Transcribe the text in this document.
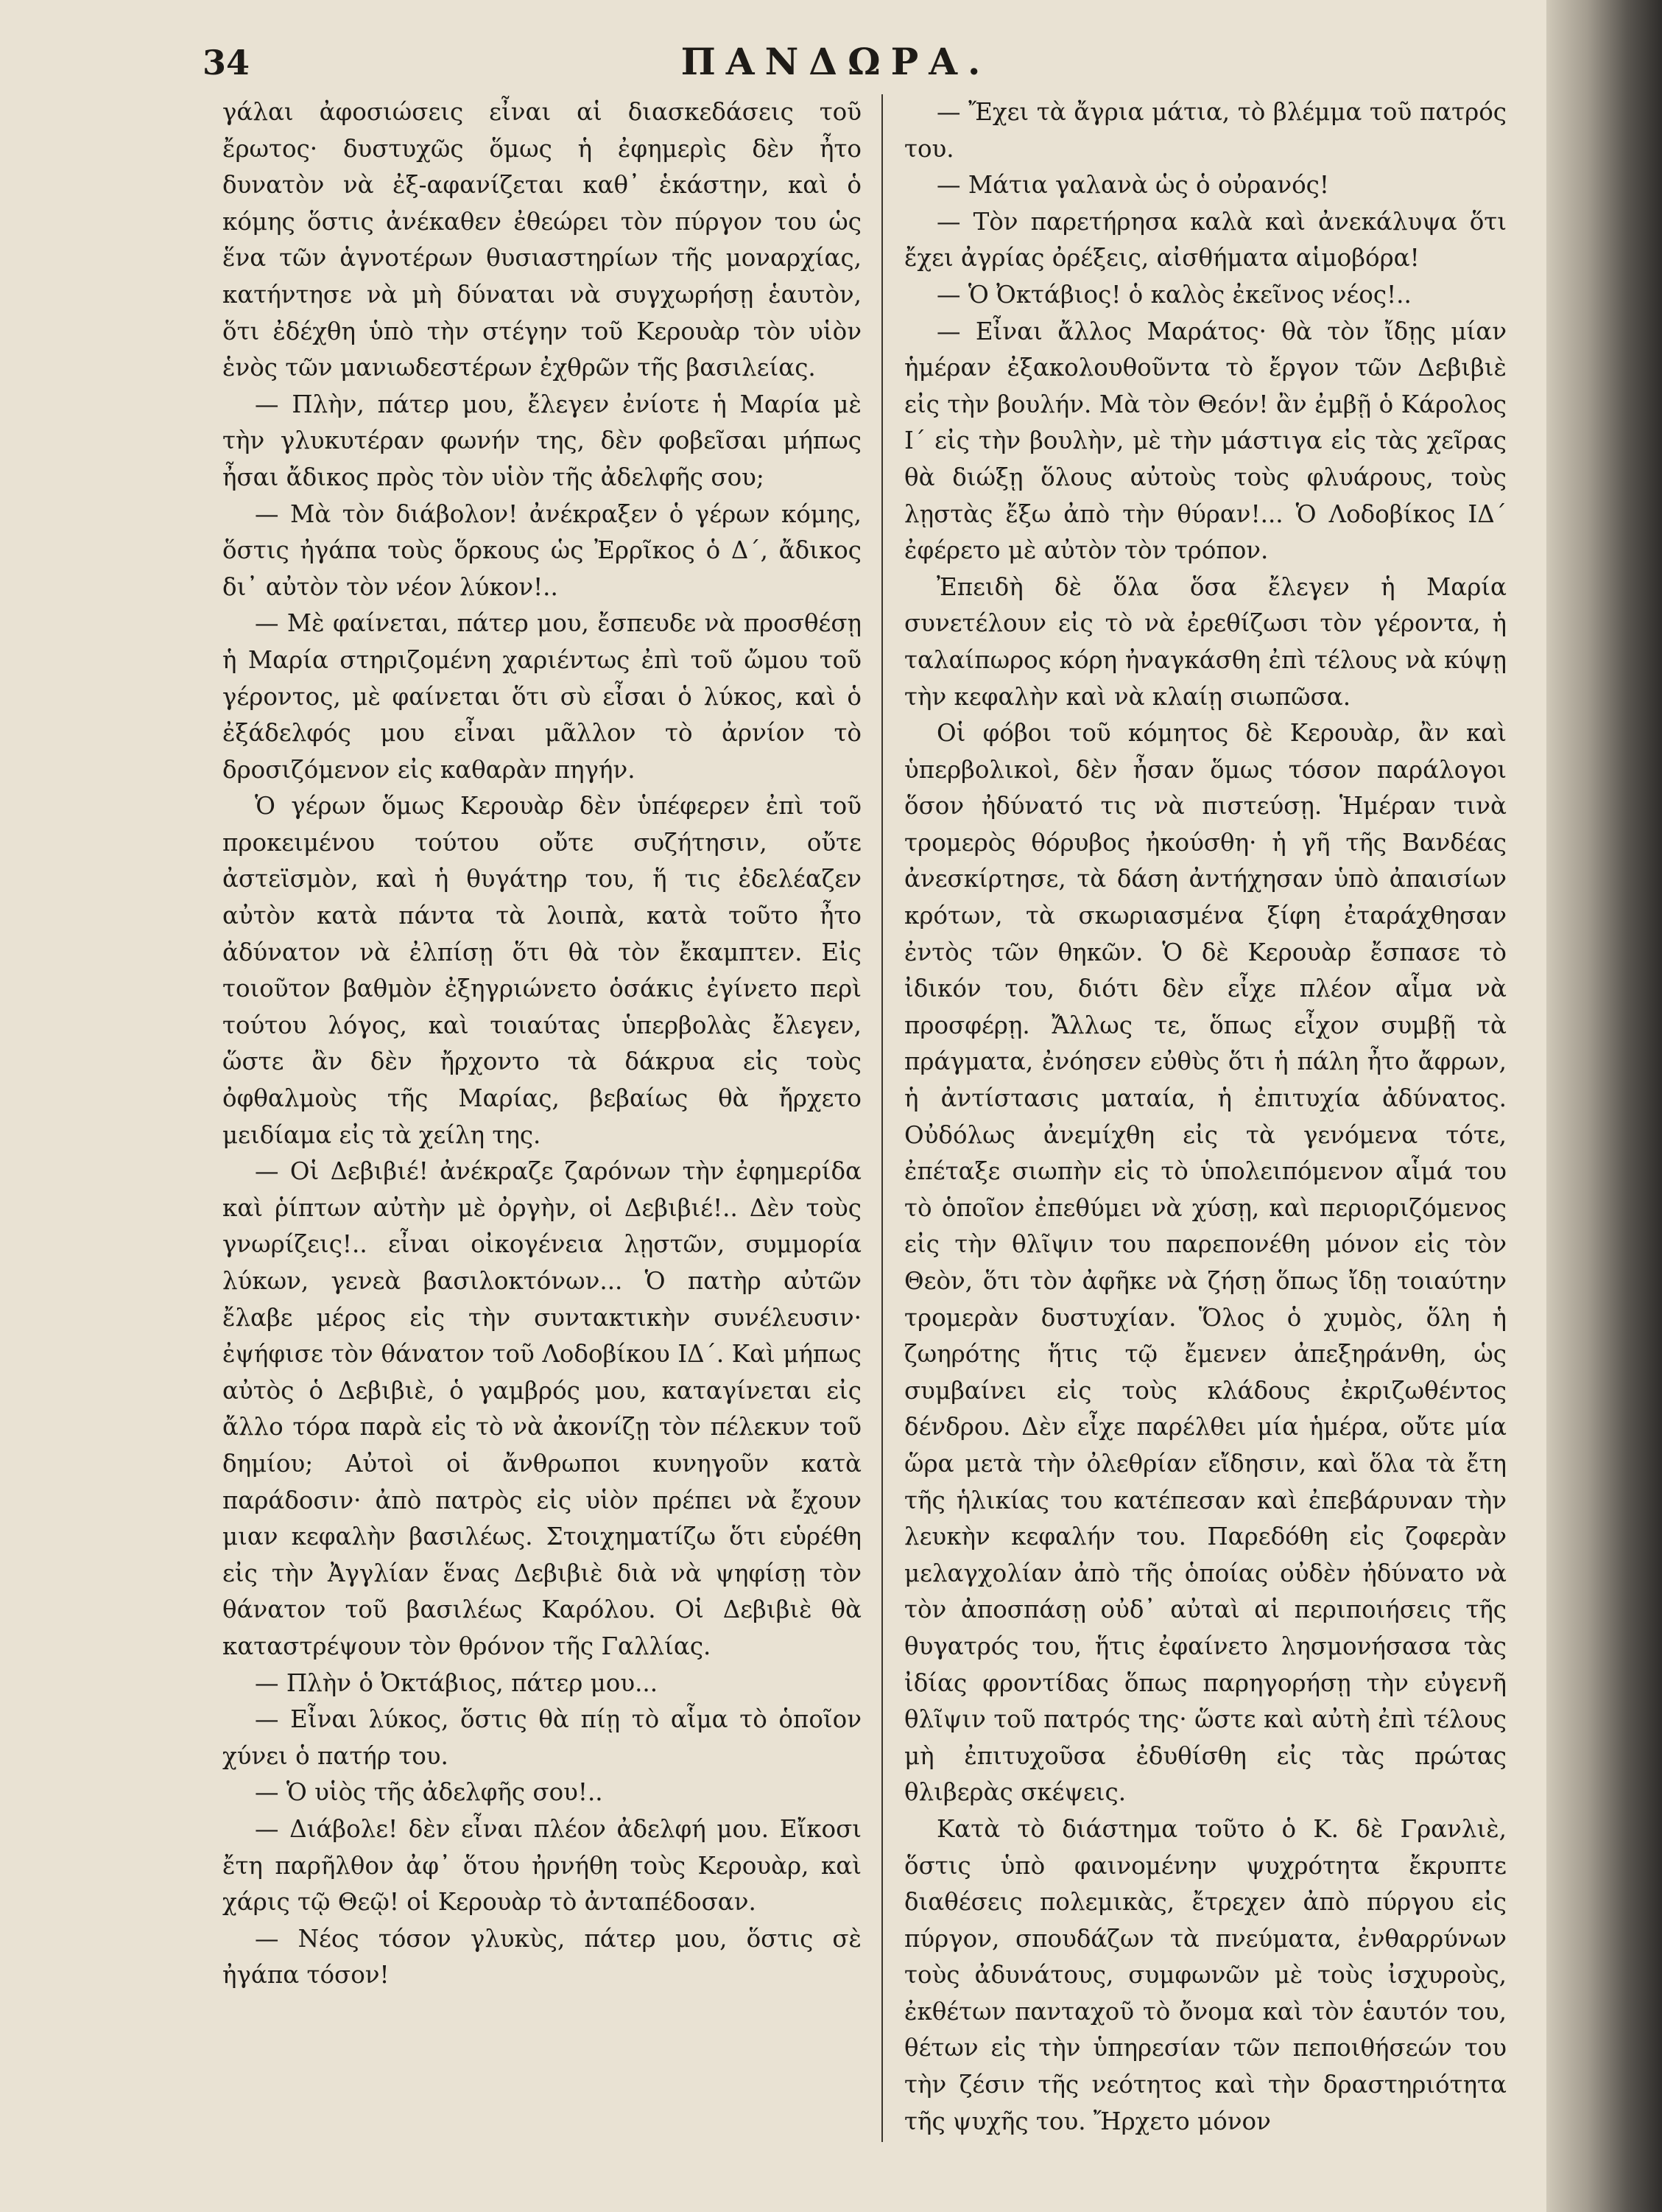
34	ΠΑΝΔΩΡΑ.

γάλαι ἀφοσιώσεις εἶναι αἱ διασκεδάσεις τοῦ ἔρωτος· δυστυχῶς ὅμως ἡ ἐφημερὶς δὲν ἦτο δυνατὸν νὰ ἐξ-αφανίζεται καθ᾽ ἑκάστην, καὶ ὁ κόμης ὅστις ἀνέκαθεν ἐθεώρει τὸν πύργον του ὡς ἕνα τῶν ἁγνοτέρων θυσιαστηρίων τῆς μοναρχίας, κατήντησε νὰ μὴ δύναται νὰ συγχωρήσῃ ἑαυτὸν, ὅτι ἐδέχθη ὑπὸ τὴν στέγην τοῦ Κερουὰρ τὸν υἱὸν ἑνὸς τῶν μανιωδεστέρων ἐχθρῶν τῆς βασιλείας.

— Πλὴν, πάτερ μου, ἔλεγεν ἐνίοτε ἡ Μαρία μὲ τὴν γλυκυτέραν φωνήν της, δὲν φοβεῖσαι μήπως ἦσαι ἄδικος πρὸς τὸν υἱὸν τῆς ἀδελφῆς σου;

— Μὰ τὸν διάβολον! ἀνέκραξεν ὁ γέρων κόμης, ὅστις ἠγάπα τοὺς ὅρκους ὡς Ἐρρῖκος ὁ Δ΄, ἄδικος δι᾽ αὐτὸν τὸν νέον λύκον!..

— Μὲ φαίνεται, πάτερ μου, ἔσπευδε νὰ προσθέσῃ ἡ Μαρία στηριζομένη χαριέντως ἐπὶ τοῦ ὤμου τοῦ γέροντος, μὲ φαίνεται ὅτι σὺ εἶσαι ὁ λύκος, καὶ ὁ ἐξάδελφός μου εἶναι μᾶλλον τὸ ἀρνίον τὸ δροσιζόμενον εἰς καθαρὰν πηγήν.

Ὁ γέρων ὅμως Κερουὰρ δὲν ὑπέφερεν ἐπὶ τοῦ προκειμένου τούτου οὔτε συζήτησιν, οὔτε ἀστεϊσμὸν, καὶ ἡ θυγάτηρ του, ἥ τις ἐδελέαζεν αὐτὸν κατὰ πάντα τὰ λοιπὰ, κατὰ τοῦτο ἦτο ἀδύνατον νὰ ἐλπίσῃ ὅτι θὰ τὸν ἔκαμπτεν. Εἰς τοιοῦτον βαθμὸν ἐξηγριώνετο ὁσάκις ἐγίνετο περὶ τούτου λόγος, καὶ τοιαύτας ὑπερβολὰς ἔλεγεν, ὥστε ἂν δὲν ἤρχοντο τὰ δάκρυα εἰς τοὺς ὀφθαλμοὺς τῆς Μαρίας, βεβαίως θὰ ἤρχετο μειδίαμα εἰς τὰ χείλη της.

— Οἱ Δεβιβιέ! ἀνέκραζε ζαρόνων τὴν ἐφημερίδα καὶ ῥίπτων αὐτὴν μὲ ὀργὴν, οἱ Δεβιβιέ!.. Δὲν τοὺς γνωρίζεις!.. εἶναι οἰκογένεια λῃστῶν, συμμορία λύκων, γενεὰ βασιλοκτόνων... Ὁ πατὴρ αὐτῶν ἔλαβε μέρος εἰς τὴν συντακτικὴν συνέλευσιν· ἐψήφισε τὸν θάνατον τοῦ Λοδοβίκου ΙΔ΄. Καὶ μήπως αὐτὸς ὁ Δεβιβιὲ, ὁ γαμβρός μου, καταγίνεται εἰς ἄλλο τόρα παρὰ εἰς τὸ νὰ ἀκονίζῃ τὸν πέλεκυν τοῦ δημίου; Αὐτοὶ οἱ ἄνθρωποι κυνηγοῦν κατὰ παράδοσιν· ἀπὸ πατρὸς εἰς υἱὸν πρέπει νὰ ἔχουν μιαν κεφαλὴν βασιλέως. Στοιχηματίζω ὅτι εὑρέθη εἰς τὴν Ἀγγλίαν ἕνας Δεβιβιὲ διὰ νὰ ψηφίσῃ τὸν θάνατον τοῦ βασιλέως Καρόλου. Οἱ Δεβιβιὲ θὰ καταστρέψουν τὸν θρόνον τῆς Γαλλίας.

— Πλὴν ὁ Ὀκτάβιος, πάτερ μου...

— Εἶναι λύκος, ὅστις θὰ πίῃ τὸ αἷμα τὸ ὁποῖον χύνει ὁ πατήρ του.

— Ὁ υἱὸς τῆς ἀδελφῆς σου!..

— Διάβολε! δὲν εἶναι πλέον ἀδελφή μου. Εἴκοσι ἔτη παρῆλθον ἀφ᾽ ὅτου ἠρνήθη τοὺς Κερουὰρ, καὶ χάρις τῷ Θεῷ! οἱ Κερουὰρ τὸ ἀνταπέδοσαν.

— Νέος τόσον γλυκὺς, πάτερ μου, ὅστις σὲ ἠγάπα τόσον!

— Ἔχει τὰ ἄγρια μάτια, τὸ βλέμμα τοῦ πατρός του.

— Μάτια γαλανὰ ὡς ὁ οὐρανός!

— Τὸν παρετήρησα καλὰ καὶ ἀνεκάλυψα ὅτι ἔχει ἀγρίας ὀρέξεις, αἰσθήματα αἱμοβόρα!

— Ὁ Ὀκτάβιος! ὁ καλὸς ἐκεῖνος νέος!..

— Εἶναι ἄλλος Μαράτος· θὰ τὸν ἴδῃς μίαν ἡμέραν ἐξακολουθοῦντα τὸ ἔργον τῶν Δεβιβιὲ εἰς τὴν βουλήν. Μὰ τὸν Θεόν! ἂν ἐμβῇ ὁ Κάρολος Ι΄ εἰς τὴν βουλὴν, μὲ τὴν μάστιγα εἰς τὰς χεῖρας θὰ διώξῃ ὅλους αὐτοὺς τοὺς φλυάρους, τοὺς λῃστὰς ἔξω ἀπὸ τὴν θύραν!... Ὁ Λοδοβίκος ΙΔ΄ ἐφέρετο μὲ αὐτὸν τὸν τρόπον.

Ἐπειδὴ δὲ ὅλα ὅσα ἔλεγεν ἡ Μαρία συνετέλουν εἰς τὸ νὰ ἐρεθίζωσι τὸν γέροντα, ἡ ταλαίπωρος κόρη ἠναγκάσθη ἐπὶ τέλους νὰ κύψῃ τὴν κεφαλὴν καὶ νὰ κλαίῃ σιωπῶσα.

Οἱ φόβοι τοῦ κόμητος δὲ Κερουὰρ, ἂν καὶ ὑπερβολικοὶ, δὲν ἦσαν ὅμως τόσον παράλογοι ὅσον ἠδύνατό τις νὰ πιστεύσῃ. Ἡμέραν τινὰ τρομερὸς θόρυβος ἠκούσθη· ἡ γῆ τῆς Βανδέας ἀνεσκίρτησε, τὰ δάση ἀντήχησαν ὑπὸ ἀπαισίων κρότων, τὰ σκωριασμένα ξίφη ἐταράχθησαν ἐντὸς τῶν θηκῶν. Ὁ δὲ Κερουὰρ ἔσπασε τὸ ἰδικόν του, διότι δὲν εἶχε πλέον αἷμα νὰ προσφέρῃ. Ἄλλως τε, ὅπως εἶχον συμβῇ τὰ πράγματα, ἐνόησεν εὐθὺς ὅτι ἡ πάλη ἦτο ἄφρων, ἡ ἀντίστασις ματαία, ἡ ἐπιτυχία ἀδύνατος. Οὐδόλως ἀνεμίχθη εἰς τὰ γενόμενα τότε, ἐπέταξε σιωπὴν εἰς τὸ ὑπολειπόμενον αἷμά του τὸ ὁποῖον ἐπεθύμει νὰ χύσῃ, καὶ περιοριζόμενος εἰς τὴν θλῖψιν του παρεπονέθη μόνον εἰς τὸν Θεὸν, ὅτι τὸν ἀφῆκε νὰ ζήσῃ ὅπως ἴδῃ τοιαύτην τρομερὰν δυστυχίαν. Ὅλος ὁ χυμὸς, ὅλη ἡ ζωηρότης ἥτις τῷ ἔμενεν ἀπεξηράνθη, ὡς συμβαίνει εἰς τοὺς κλάδους ἐκριζωθέντος δένδρου. Δὲν εἶχε παρέλθει μία ἡμέρα, οὔτε μία ὥρα μετὰ τὴν ὀλεθρίαν εἴδησιν, καὶ ὅλα τὰ ἔτη τῆς ἡλικίας του κατέπεσαν καὶ ἐπεβάρυναν τὴν λευκὴν κεφαλήν του. Παρεδόθη εἰς ζοφερὰν μελαγχολίαν ἀπὸ τῆς ὁποίας οὐδὲν ἠδύνατο νὰ τὸν ἀποσπάσῃ οὐδ᾽ αὐταὶ αἱ περιποιήσεις τῆς θυγατρός του, ἥτις ἐφαίνετο λησμονήσασα τὰς ἰδίας φροντίδας ὅπως παρηγορήσῃ τὴν εὐγενῆ θλῖψιν τοῦ πατρός της· ὥστε καὶ αὐτὴ ἐπὶ τέλους μὴ ἐπιτυχοῦσα ἐδυθίσθη εἰς τὰς πρώτας θλιβερὰς σκέψεις.

Κατὰ τὸ διάστημα τοῦτο ὁ Κ. δὲ Γρανλιὲ, ὅστις ὑπὸ φαινομένην ψυχρότητα ἔκρυπτε διαθέσεις πολεμικὰς, ἔτρεχεν ἀπὸ πύργου εἰς πύργον, σπουδάζων τὰ πνεύματα, ἐνθαρρύνων τοὺς ἀδυνάτους, συμφωνῶν μὲ τοὺς ἰσχυροὺς, ἐκθέτων πανταχοῦ τὸ ὄνομα καὶ τὸν ἑαυτόν του, θέτων εἰς τὴν ὑπηρεσίαν τῶν πεποιθήσεών του τὴν ζέσιν τῆς νεότητος καὶ τὴν δραστηριότητα τῆς ψυχῆς του. Ἤρχετο μόνον
